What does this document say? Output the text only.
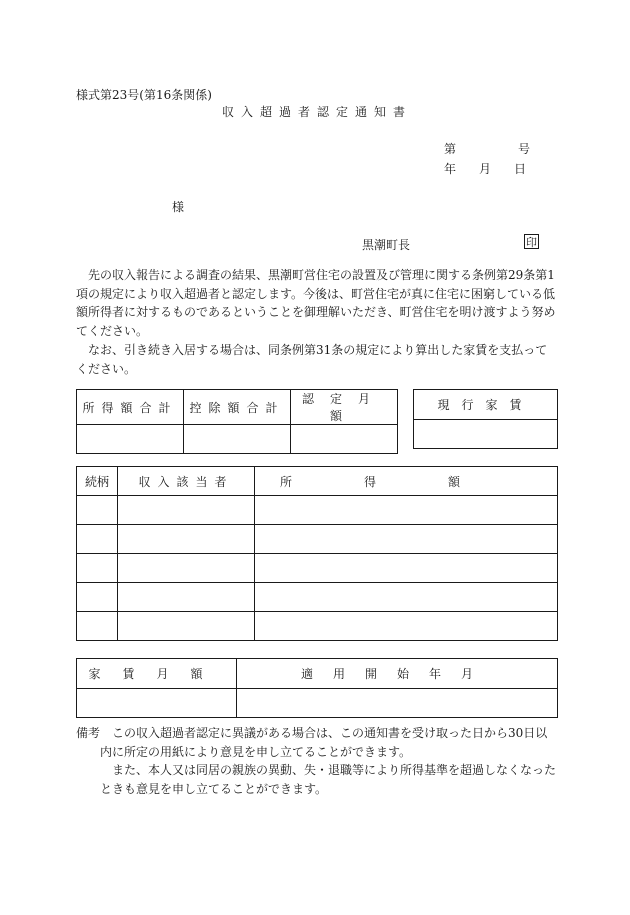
様式第23号(第16条関係)
収入超過者認定通知書
第	号
年 月 日
様
黒潮町長	印

先の収入報告による調査の結果、黒潮町営住宅の設置及び管理に関する条例第29条第1項の規定により収入超過者と認定します。今後は、町営住宅が真に住宅に困窮している低額所得者に対するものであるということを御理解いただき、町営住宅を明け渡すよう努めてください。

なお、引き続き入居する場合は、同条例第31条の規定により算出した家賃を支払ってください。

所得額合計	控除額合計	認定月額

現行家賃

続柄	収入該当者	所得額

家賃月額	適用開始年月

備考　 この収入超過者認定に異議がある場合は、この通知書を受け取った日から30日以内に所定の用紙により意見を申し立てることができます。
また、本人又は同居の親族の異動、失・退職等により所得基準を超過しなくなったときも意見を申し立てることができます。
